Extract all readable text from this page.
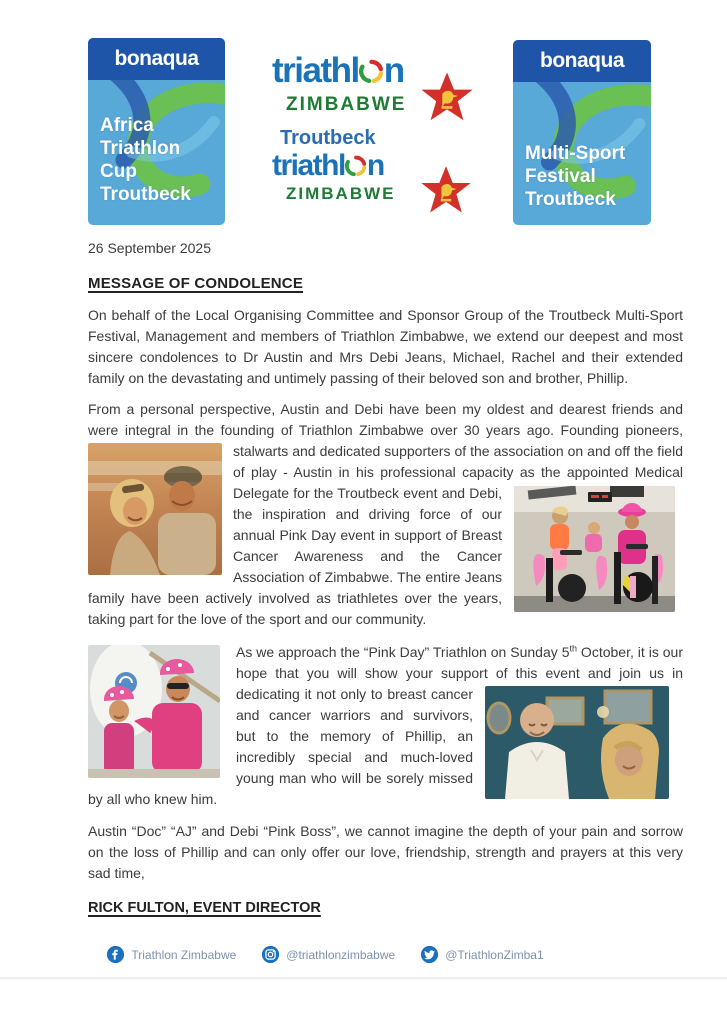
bonaqua
Africa
Triathlon
Cup
Troutbeck
triathl n
ZIMBABWE
Troutbeck
triathl n
ZIMBABWE
bonaqua
Multi-Sport
Festival
Troutbeck
26 September 2025
MESSAGE OF CONDOLENCE

On behalf of the Local Organising Committee and Sponsor Group of the Troutbeck Multi-Sport Festival, Management and members of Triathlon Zimbabwe, we extend our deepest and most sincere condolences to Dr Austin and Mrs Debi Jeans, Michael, Rachel and their extended family on the devastating and untimely passing of their beloved son and brother, Phillip.

From a personal perspective, Austin and Debi have been my oldest and dearest friends and were integral in the founding of Triathlon Zimbabwe over 30 years ago. Founding pioneers,

stalwarts and dedicated supporters of the association on and off the field of play - Austin in his professional capacity as the appointed
Medical Delegate for the Troutbeck event and Debi, the inspiration and driving force of our annual Pink Day event in support of Breast Cancer Awareness and the Cancer Association of Zimbabwe. The entire Jeans family have been actively involved as triathletes over the years, taking part for the love of the sport and our community.
As we approach the “Pink Day” Triathlon on Sunday 5th October, it is our hope that you will show your support of this event and join us
in dedicating it not only to breast cancer and cancer warriors and survivors, but to the memory of Phillip, an incredibly special and much-loved young man who will be sorely missed by all who knew him.

Austin “Doc” “AJ” and Debi “Pink Boss”, we cannot imagine the depth of your pain and sorrow on the loss of Phillip and can only offer our love, friendship, strength and prayers at this very sad time,

RICK FULTON, EVENT DIRECTOR
Triathlon Zimbabwe	@triathlonzimbabwe	@TriathlonZimba1
